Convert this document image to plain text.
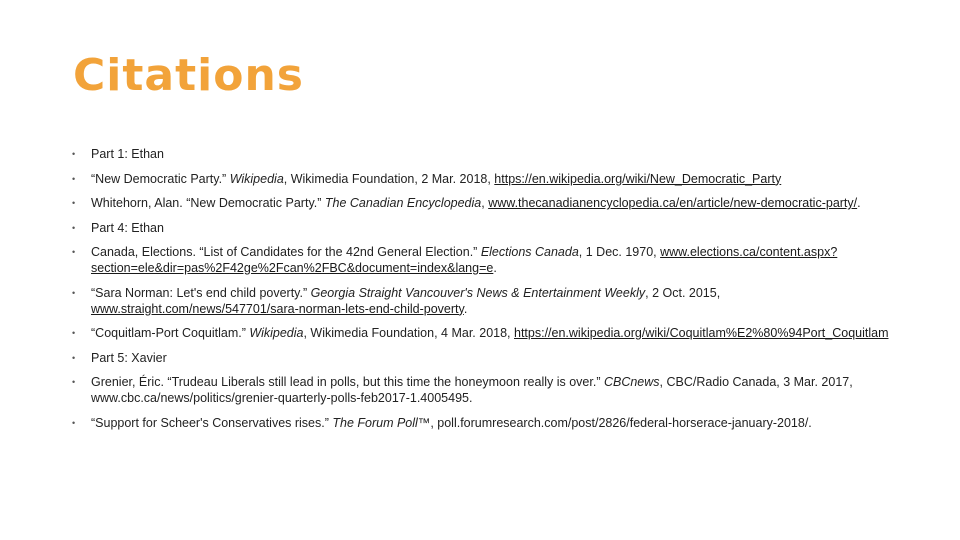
Citations
• Part 1: Ethan
• “New Democratic Party.” Wikipedia, Wikimedia Foundation, 2 Mar. 2018, https://en.wikipedia.org/wiki/New_Democratic_Party
• Whitehorn, Alan. “New Democratic Party.” The Canadian Encyclopedia, www.thecanadianencyclopedia.ca/en/article/new-democratic-party/.
• Part 4: Ethan
• Canada, Elections. “List of Candidates for the 42nd General Election.” Elections Canada, 1 Dec. 1970, www.elections.ca/content.aspx?section=ele&dir=pas%2F42ge%2Fcan%2FBC&document=index&lang=e.
• “Sara Norman: Let's end child poverty.” Georgia Straight Vancouver's News & Entertainment Weekly, 2 Oct. 2015, www.straight.com/news/547701/sara-norman-lets-end-child-poverty.
• “Coquitlam-Port Coquitlam.” Wikipedia, Wikimedia Foundation, 4 Mar. 2018, https://en.wikipedia.org/wiki/Coquitlam%E2%80%94Port_Coquitlam
• Part 5: Xavier
• Grenier, Éric. “Trudeau Liberals still lead in polls, but this time the honeymoon really is over.” CBCnews, CBC/Radio Canada, 3 Mar. 2017, www.cbc.ca/news/politics/grenier-quarterly-polls-feb2017-1.4005495.
• “Support for Scheer's Conservatives rises.” The Forum Poll™, poll.forumresearch.com/post/2826/federal-horserace-january-2018/.
